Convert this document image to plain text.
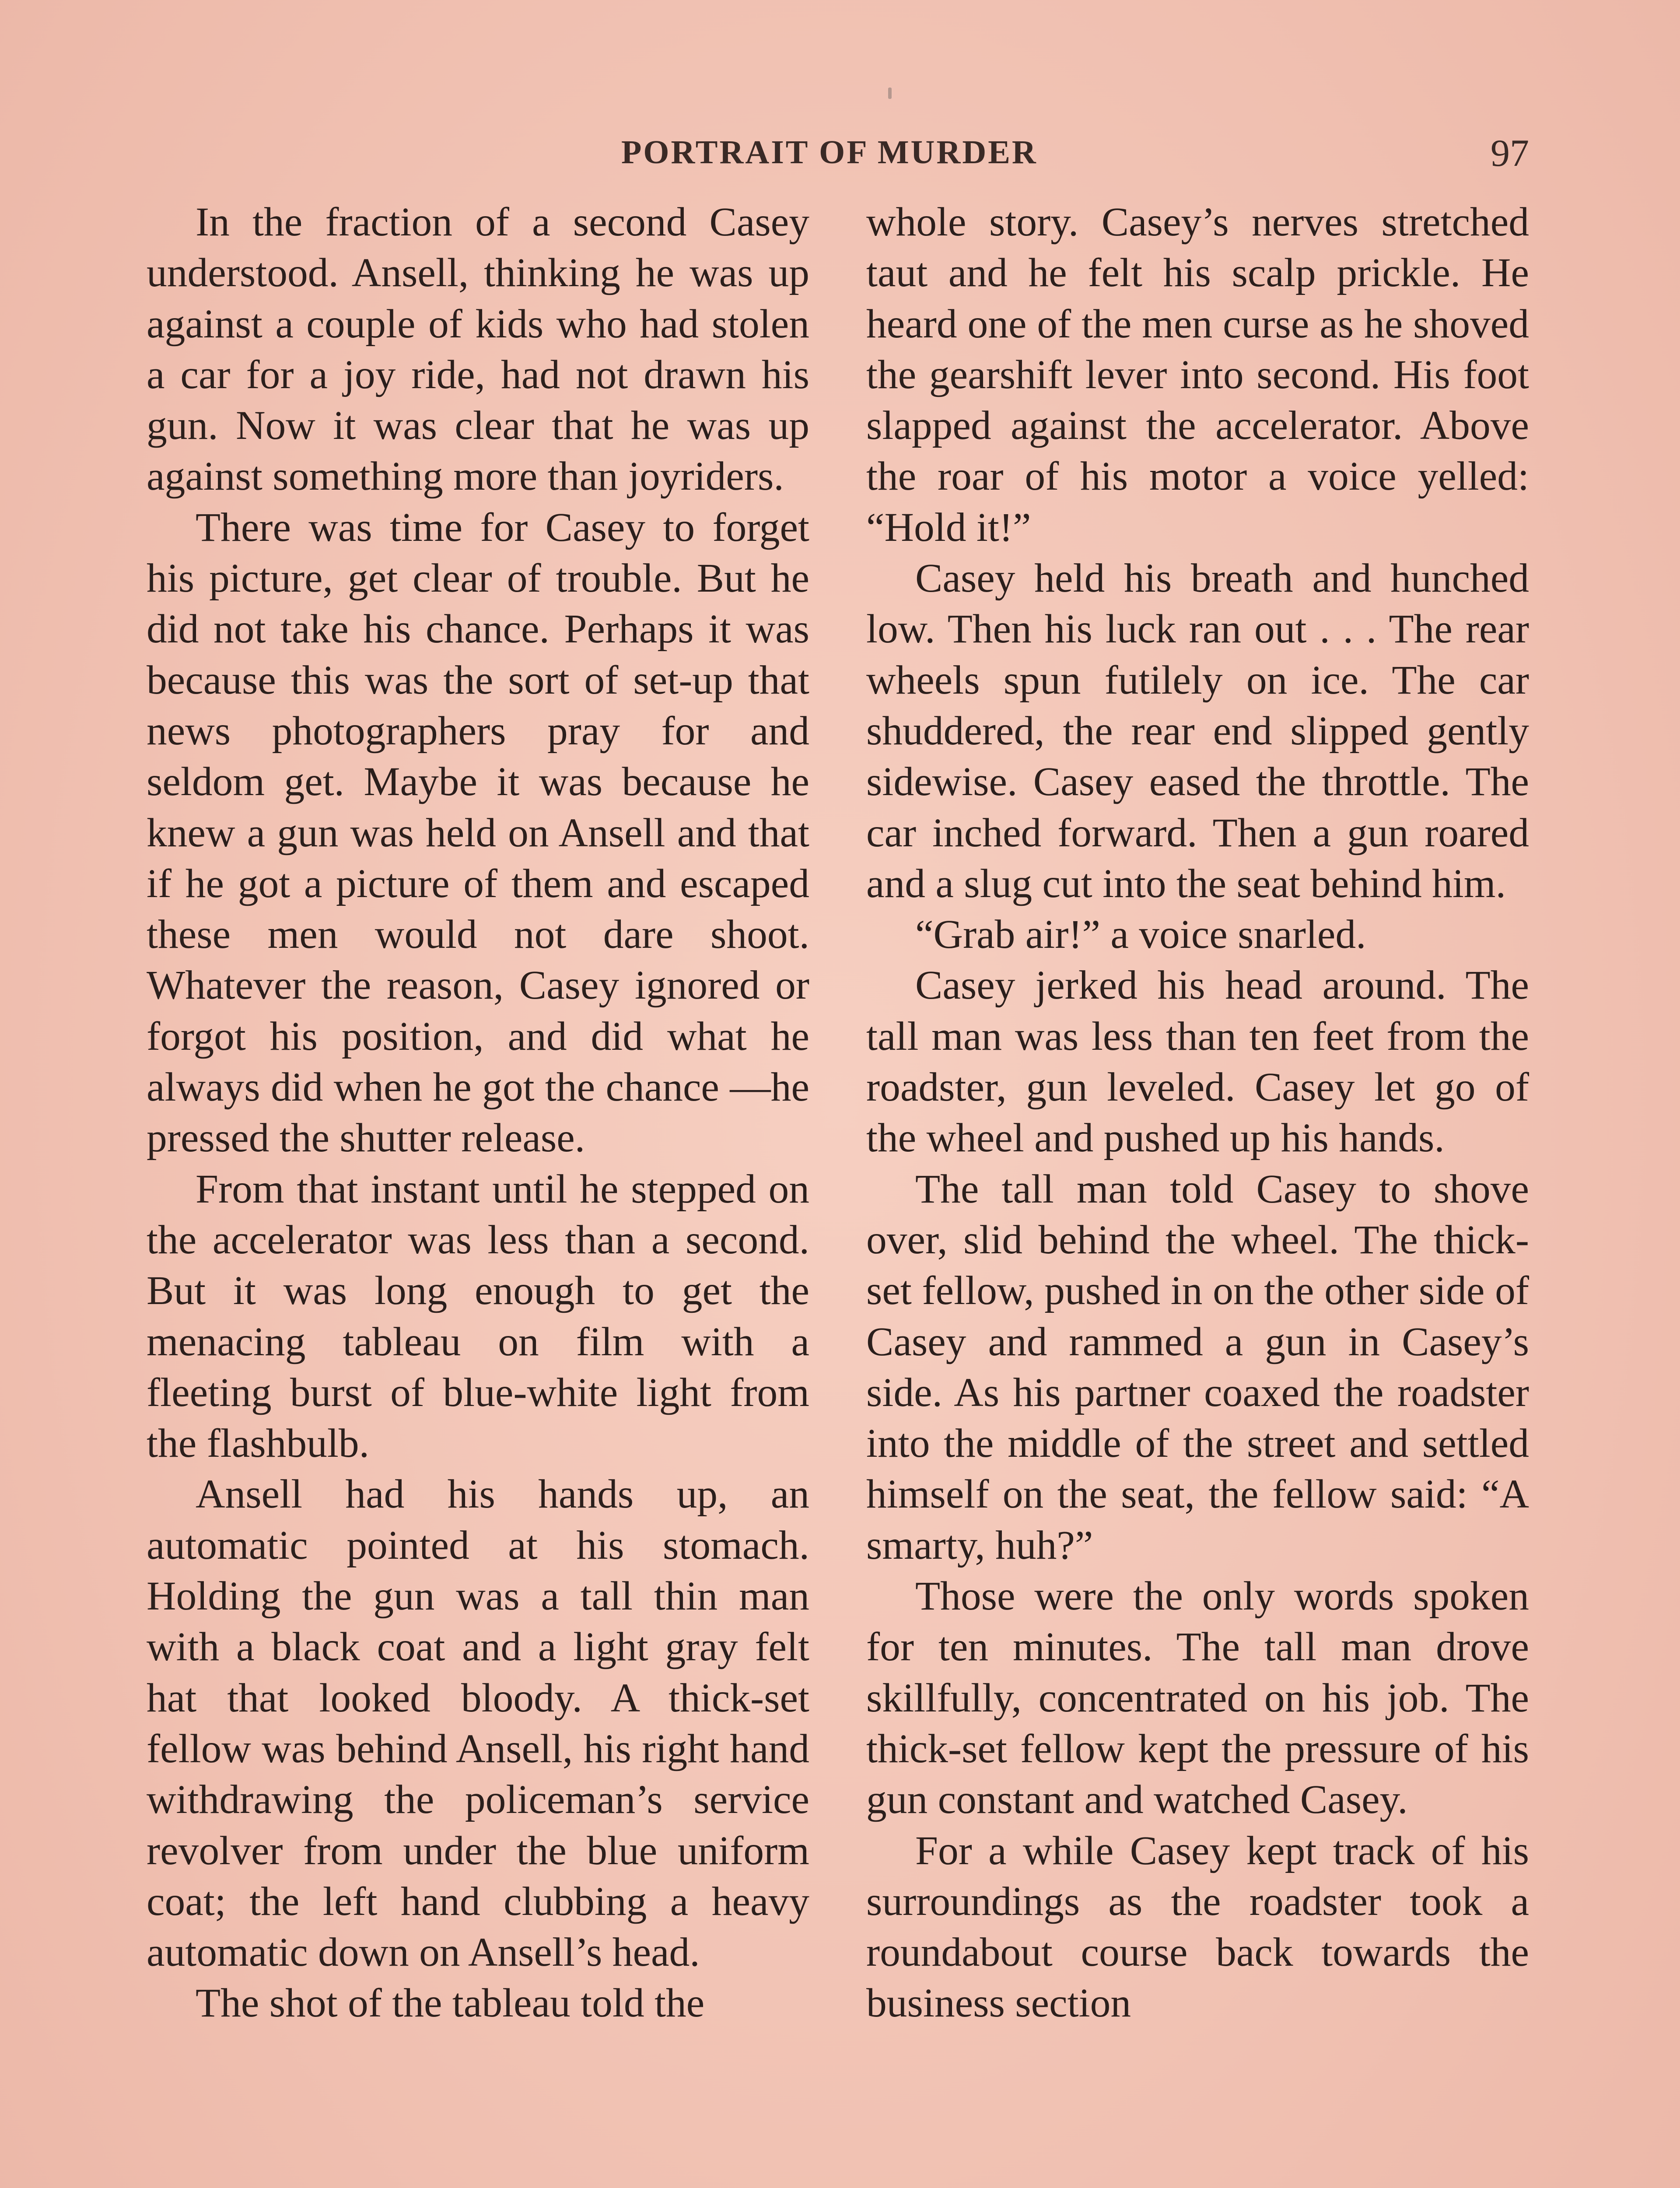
PORTRAIT OF MURDER	97

In the fraction of a second Casey understood. Ansell, thinking he was up against a couple of kids who had stolen a car for a joy ride, had not drawn his gun. Now it was clear that he was up against something more than joyriders.

There was time for Casey to forget his picture, get clear of trouble. But he did not take his chance. Perhaps it was because this was the sort of set-up that news photographers pray for and seldom get. Maybe it was because he knew a gun was held on Ansell and that if he got a picture of them and escaped these men would not dare shoot. Whatever the reason, Casey ignored or forgot his position, and did what he always did when he got the chance —he pressed the shutter release.

From that instant until he stepped on the accelerator was less than a second. But it was long enough to get the menacing tableau on film with a fleeting burst of blue-white light from the flashbulb.

Ansell had his hands up, an automatic pointed at his stomach. Holding the gun was a tall thin man with a black coat and a light gray felt hat that looked bloody. A thick-set fellow was behind Ansell, his right hand withdrawing the policeman’s service revolver from under the blue uniform coat; the left hand clubbing a heavy automatic down on Ansell’s head.

The shot of the tableau told the

whole story. Casey’s nerves stretched taut and he felt his scalp prickle. He heard one of the men curse as he shoved the gearshift lever into second. His foot slapped against the accelerator. Above the roar of his motor a voice yelled: “Hold it!”

Casey held his breath and hunched low. Then his luck ran out . . . The rear wheels spun futilely on ice. The car shuddered, the rear end slipped gently sidewise. Casey eased the throttle. The car inched forward. Then a gun roared and a slug cut into the seat behind him.

“Grab air!” a voice snarled.

Casey jerked his head around. The tall man was less than ten feet from the roadster, gun leveled. Casey let go of the wheel and pushed up his hands.

The tall man told Casey to shove over, slid behind the wheel. The thick-set fellow, pushed in on the other side of Casey and rammed a gun in Casey’s side. As his partner coaxed the roadster into the middle of the street and settled himself on the seat, the fellow said: “A smarty, huh?”

Those were the only words spoken for ten minutes. The tall man drove skillfully, concentrated on his job. The thick-set fellow kept the pressure of his gun constant and watched Casey.

For a while Casey kept track of his surroundings as the roadster took a roundabout course back towards the business section
